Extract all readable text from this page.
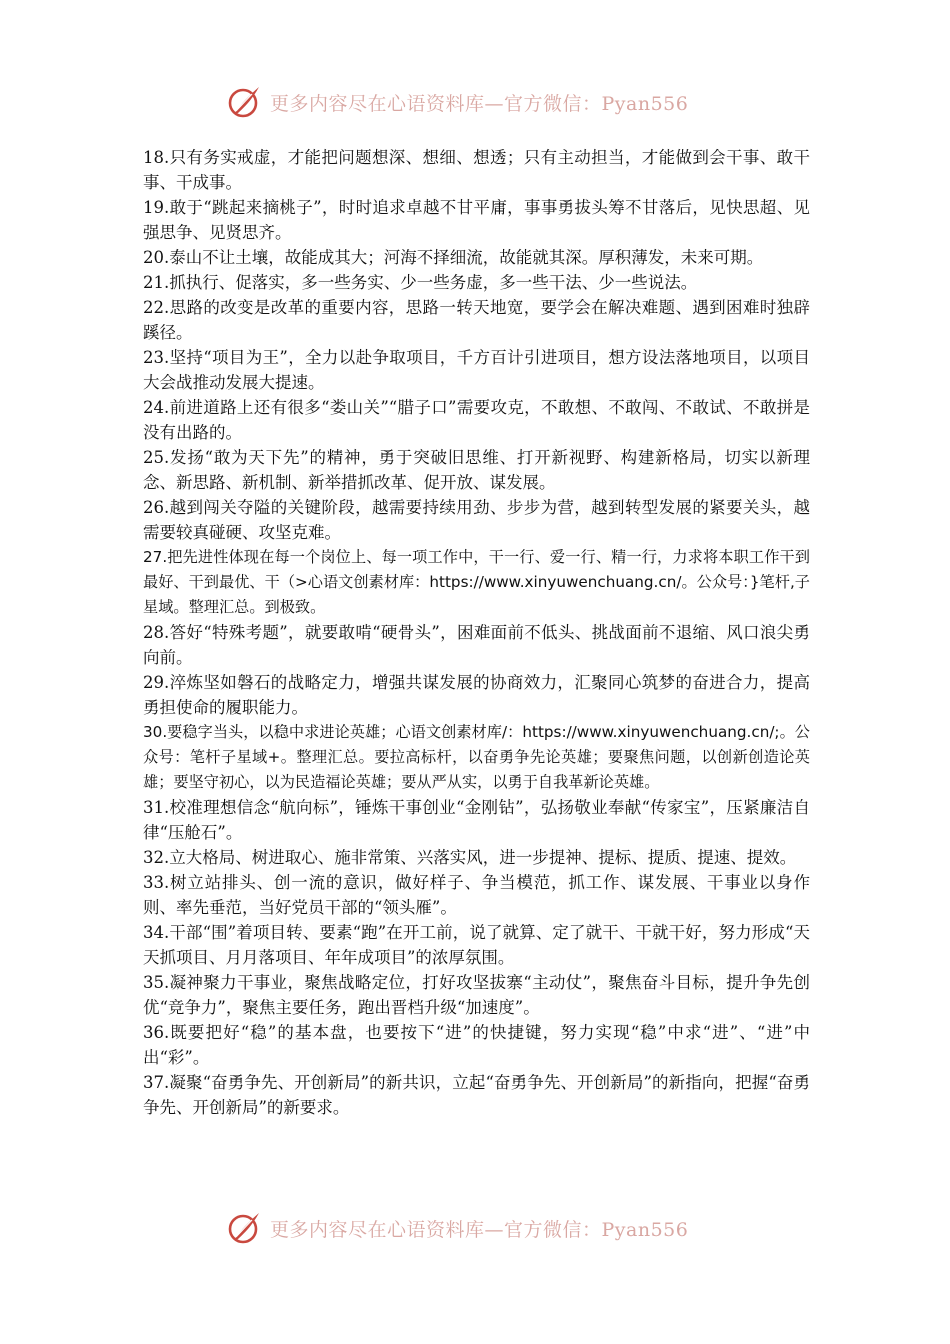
更多内容尽在心语资料库—官方微信：Pyan556

18.只有务实戒虚，才能把问题想深、想细、想透；只有主动担当，才能做到会干事、敢干事、干成事。

19.敢于“跳起来摘桃子”，时时追求卓越不甘平庸，事事勇拔头筹不甘落后，见快思超、见强思争、见贤思齐。

20.泰山不让土壤，故能成其大；河海不择细流，故能就其深。厚积薄发，未来可期。

21.抓执行、促落实，多一些务实、少一些务虚，多一些干法、少一些说法。

22.思路的改变是改革的重要内容，思路一转天地宽，要学会在解决难题、遇到困难时独辟蹊径。

23.坚持“项目为王”，全力以赴争取项目，千方百计引进项目，想方设法落地项目，以项目大会战推动发展大提速。

24.前进道路上还有很多“娄山关”“腊子口”需要攻克，不敢想、不敢闯、不敢试、不敢拼是没有出路的。

25.发扬“敢为天下先”的精神，勇于突破旧思维、打开新视野、构建新格局，切实以新理念、新思路、新机制、新举措抓改革、促开放、谋发展。

26.越到闯关夺隘的关键阶段，越需要持续用劲、步步为营，越到转型发展的紧要关头，越需要较真碰硬、攻坚克难。

27.把先进性体现在每一个岗位上、每一项工作中，干一行、爱一行、精一行，力求将本职工作干到最好、干到最优、干（>心语文创素材库：https://www.xinyuwenchuang.cn/。公众号：}笔杆,子星域。整理汇总。到极致。

28.答好“特殊考题”，就要敢啃“硬骨头”，困难面前不低头、挑战面前不退缩、风口浪尖勇向前。

29.淬炼坚如磐石的战略定力，增强共谋发展的协商效力，汇聚同心筑梦的奋进合力，提高勇担使命的履职能力。

30.要稳字当头，以稳中求进论英雄；心语文创素材库/：https://www.xinyuwenchuang.cn/;。公众号：笔杆子星域+。整理汇总。要拉高标杆，以奋勇争先论英雄；要聚焦问题，以创新创造论英雄；要坚守初心，以为民造福论英雄；要从严从实，以勇于自我革新论英雄。

31.校准理想信念“航向标”，锤炼干事创业“金刚钻”，弘扬敬业奉献“传家宝”，压紧廉洁自律“压舱石”。

32.立大格局、树进取心、施非常策、兴落实风，进一步提神、提标、提质、提速、提效。

33.树立站排头、创一流的意识，做好样子、争当模范，抓工作、谋发展、干事业以身作则、率先垂范，当好党员干部的“领头雁”。

34.干部“围”着项目转、要素“跑”在开工前，说了就算、定了就干、干就干好，努力形成“天天抓项目、月月落项目、年年成项目”的浓厚氛围。

35.凝神聚力干事业，聚焦战略定位，打好攻坚拔寨“主动仗”，聚焦奋斗目标，提升争先创优“竞争力”，聚焦主要任务，跑出晋档升级“加速度”。

36.既要把好“稳”的基本盘，也要按下“进”的快捷键，努力实现“稳”中求“进”、“进”中出“彩”。

37.凝聚“奋勇争先、开创新局”的新共识，立起“奋勇争先、开创新局”的新指向，把握“奋勇争先、开创新局”的新要求。

更多内容尽在心语资料库—官方微信：Pyan556
